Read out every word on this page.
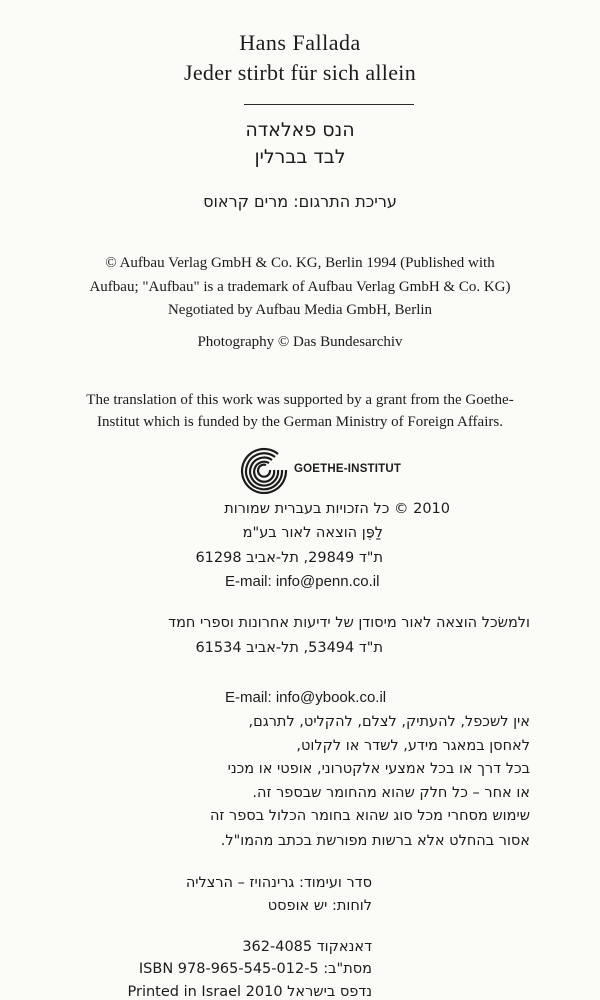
Hans Fallada
Jeder stirbt für sich allein
הנס פאלאדה
לבד בברלין
עריכת התרגום: מרים קראוס
© Aufbau Verlag GmbH & Co. KG, Berlin 1994 (Published with
Aufbau; "Aufbau" is a trademark of Aufbau Verlag GmbH & Co. KG)
Negotiated by Aufbau Media GmbH, Berlin
Photography © Das Bundesarchiv
The translation of this work was supported by a grant from the Goethe-
Institut which is funded by the German Ministry of Foreign Affairs.
GOETHE-INSTITUT
2010 © כל הזכויות בעברית שמורות
לַפֶּן הוצאה לאור בע"מ
ת"ד 29849, תל-אביב 61298
E-mail: info@penn.co.il
ולמשׂכל הוצאה לאור מיסודן של ידיעות אחרונות וספרי חמד
ת"ד 53494, תל-אביב 61534
E-mail: info@ybook.co.il
אין לשכפל, להעתיק, לצלם, להקליט, לתרגם,
לאחסן במאגר מידע, לשדר או לקלוט,
בכל דרך או בכל אמצעי אלקטרוני, אופטי או מכני
או אחר – כל חלק שהוא מהחומר שבספר זה.
שימוש מסחרי מכל סוג שהוא בחומר הכלול בספר זה
אסור בהחלט אלא ברשות מפורשת בכתב מהמו"ל.
סדר ועימוד: גרינהויז – הרצליה
לוחות: יש אופסט
דאנאקוד 362-4085
מסת"ב: ISBN 978-965-545-012-5
נדפס בישראל Printed in Israel 2010
